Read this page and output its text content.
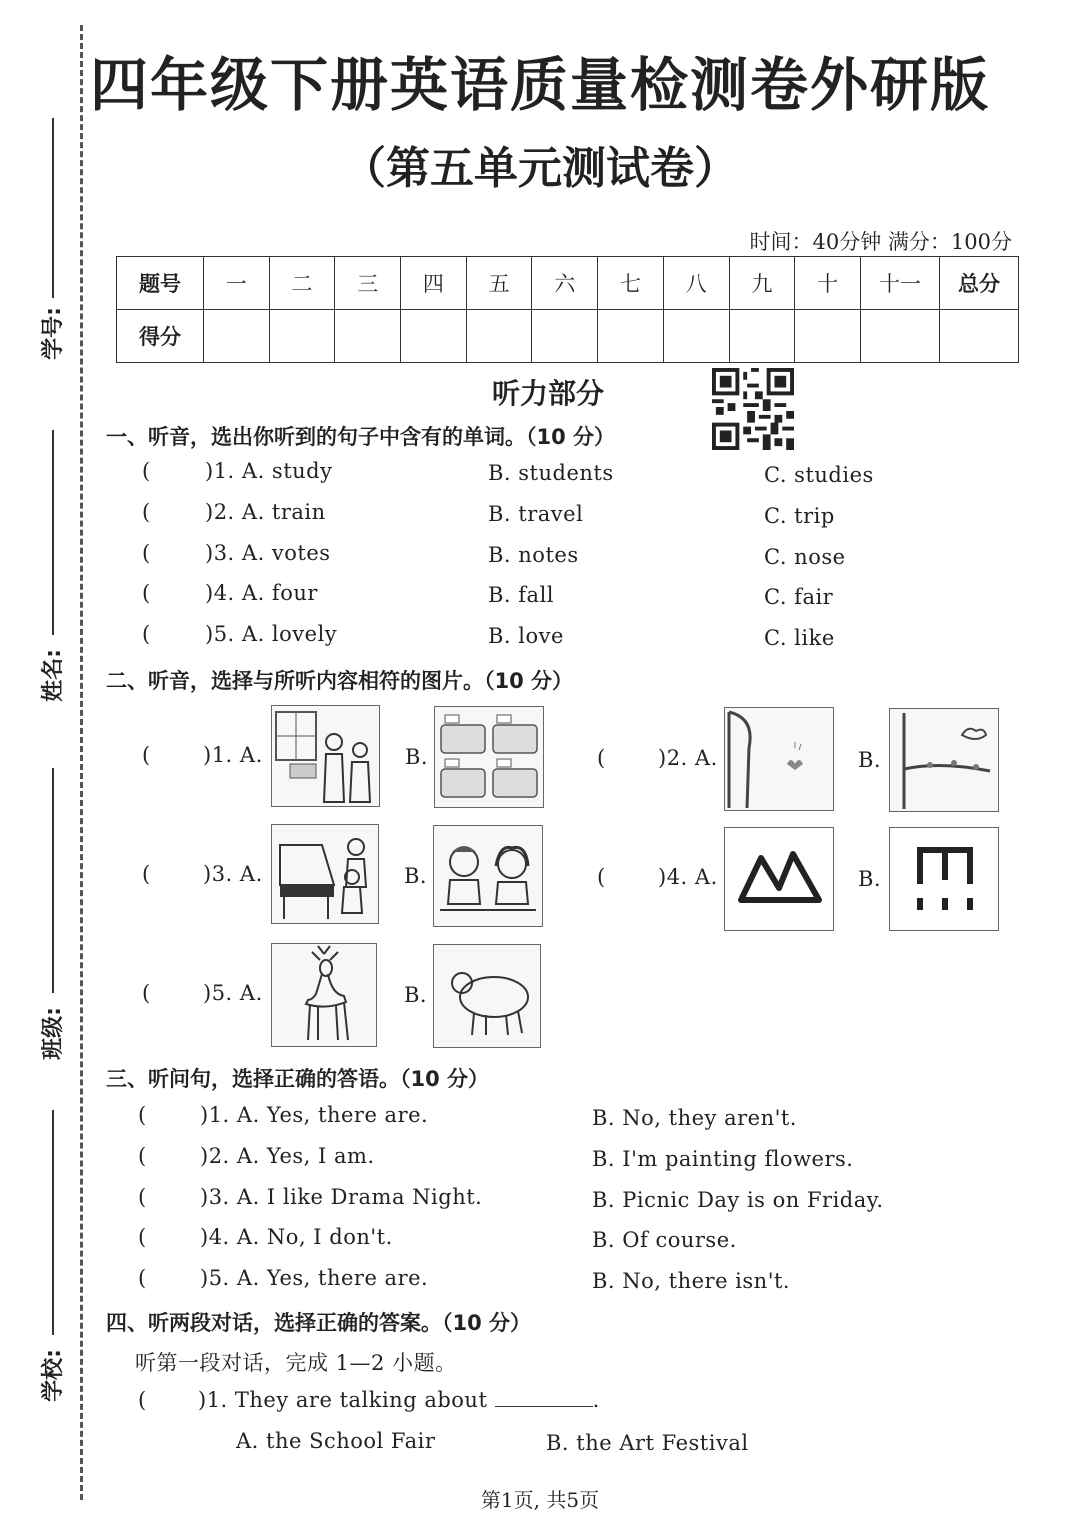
学号:
姓名:
班级:
学校:
四年级下册英语质量检测卷外研版
（第五单元测试卷）
时间：40分钟 满分：100分
题号	一	二	三	四	五	六	七	八	九	十	十一	总分
得分												
听力部分
一、听音，选出你听到的句子中含有的单词。（10 分）
(	)1. A. study	B. students	C. studies
(	)2. A. train	B. travel	C. trip
(	)3. A. votes	B. notes	C. nose
(	)4. A. four	B. fall	C. fair
(	)5. A. lovely	B. love	C. like
二、听音，选择与所听内容相符的图片。（10 分）
(	)1. A.	B.	(	)2. A.	B.
(	)3. A.	B.	(	)4. A.	B.
(	)5. A.	B.
三、听问句，选择正确的答语。（10 分）
(	)1. A. Yes, there are.	B. No, they aren't.
(	)2. A. Yes, I am.	B. I'm painting flowers.
(	)3. A. I like Drama Night.	B. Picnic Day is on Friday.
(	)4. A. No, I don't.	B. Of course.
(	)5. A. Yes, there are.	B. No, there isn't.
四、听两段对话，选择正确的答案。（10 分）
听第一段对话，完成 1—2 小题。
( )1. They are talking about	.
A. the School Fair	B. the Art Festival
第1页, 共5页
